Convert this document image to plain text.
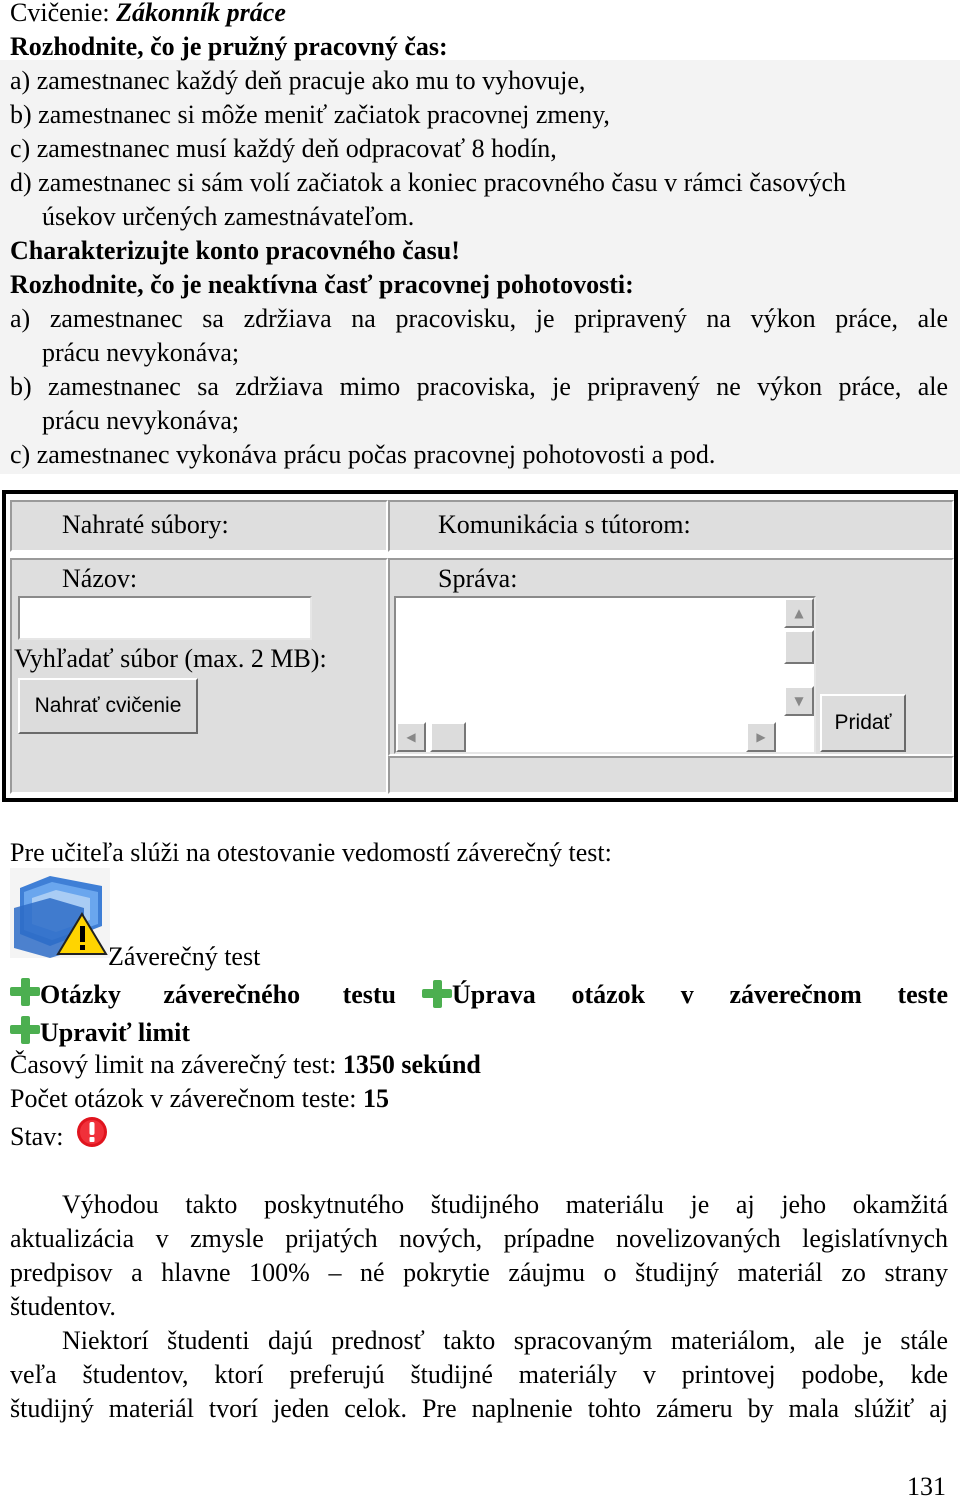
Cvičenie: Zákonník práce
Rozhodnite, čo je pružný pracovný čas:
a) zamestnanec každý deň pracuje ako mu to vyhovuje,
b) zamestnanec si môže meniť začiatok pracovnej zmeny,
c) zamestnanec musí každý deň odpracovať 8 hodín,
d) zamestnanec si sám volí začiatok a koniec pracovného času v rámci časových
úsekov určených zamestnávateľom.
Charakterizujte konto pracovného času!
Rozhodnite, čo je neaktívna časť pracovnej pohotovosti:
a) zamestnanec sa zdržiava na pracovisku, je pripravený na výkon práce, ale
prácu nevykonáva;
b) zamestnanec sa zdržiava mimo pracoviska, je pripravený ne výkon práce, ale
prácu nevykonáva;
c) zamestnanec vykonáva prácu počas pracovnej pohotovosti a pod.
Nahraté súbory:	Komunikácia s tútorom:
Názov:
Vyhľadať súbor (max. 2 MB):
Nahrať cvičenie
Správa:
▲
▼
◀	▶
Pridať
Pre učiteľa slúži na otestovanie vedomostí záverečný test:
Záverečný test
Otázky záverečného testu Úprava otázok v záverečnom teste
Upraviť limit
Časový limit na záverečný test: 1350 sekúnd
Počet otázok v záverečnom teste: 15
Stav:
Výhodou takto poskytnutého študijného materiálu je aj jeho okamžitá
aktualizácia v zmysle prijatých nových, prípadne novelizovaných legislatívnych
predpisov a hlavne 100% – né pokrytie záujmu o študijný materiál zo strany
študentov.
Niektorí študenti dajú prednosť takto spracovaným materiálom, ale je stále
veľa študentov, ktorí preferujú študijné materiály v printovej podobe, kde
študijný materiál tvorí jeden celok. Pre naplnenie tohto zámeru by mala slúžiť aj
131
